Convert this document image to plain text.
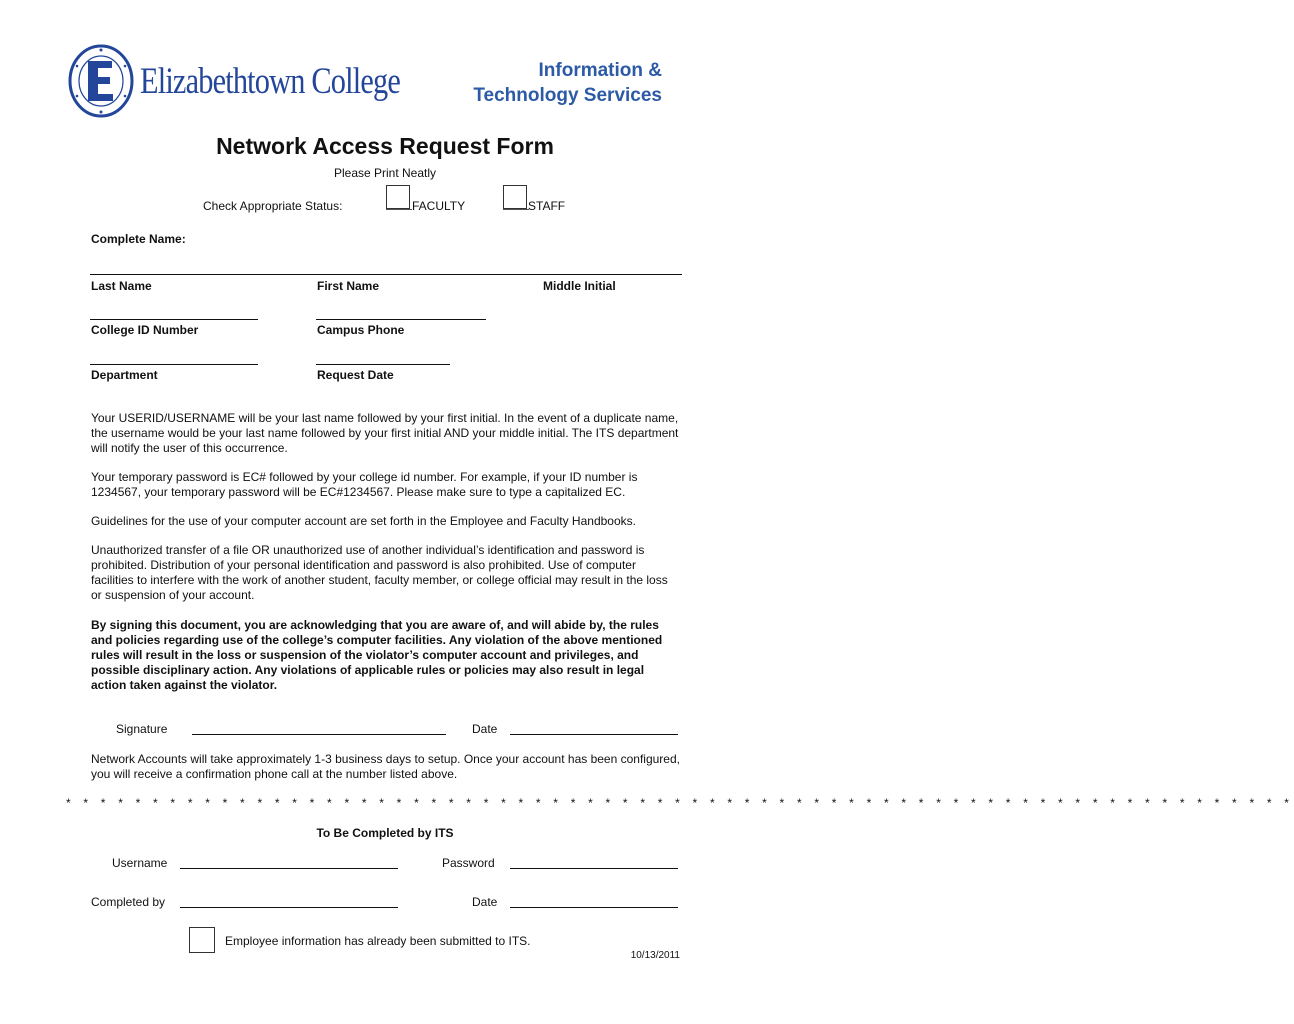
Elizabethtown College	Information &
Technology Services
Network Access Request Form
Please Print Neatly
Check Appropriate Status:	FACULTY	STAFF
Complete Name:
Last Name	First Name	Middle Initial
College ID Number	Campus Phone
Department	Request Date
Your USERID/USERNAME will be your last name followed by your first initial. In the event of a duplicate name, the username would be your last name followed by your first initial AND your middle initial. The ITS department will notify the user of this occurrence.
Your temporary password is EC# followed by your college id number. For example, if your ID number is 1234567, your temporary password will be EC#1234567. Please make sure to type a capitalized EC.
Guidelines for the use of your computer account are set forth in the Employee and Faculty Handbooks.
Unauthorized transfer of a file OR unauthorized use of another individual’s identification and password is prohibited. Distribution of your personal identification and password is also prohibited. Use of computer facilities to interfere with the work of another student, faculty member, or college official may result in the loss or suspension of your account.
By signing this document, you are acknowledging that you are aware of, and will abide by, the rules and policies regarding use of the college’s computer facilities. Any violation of the above mentioned rules will result in the loss or suspension of the violator’s computer account and privileges, and possible disciplinary action. Any violations of applicable rules or policies may also result in legal action taken against the violator.
Signature	Date
Network Accounts will take approximately 1-3 business days to setup. Once your account has been configured, you will receive a confirmation phone call at the number listed above.
* * * * * * * * * * * * * * * * * * * * * * * * * * * * * * * * * * * * * * * * * * * * * * * * * * * * * * * * * * * * * * * * * * * * * * *
To Be Completed by ITS
Username	Password
Completed by	Date
Employee information has already been submitted to ITS.
10/13/2011
